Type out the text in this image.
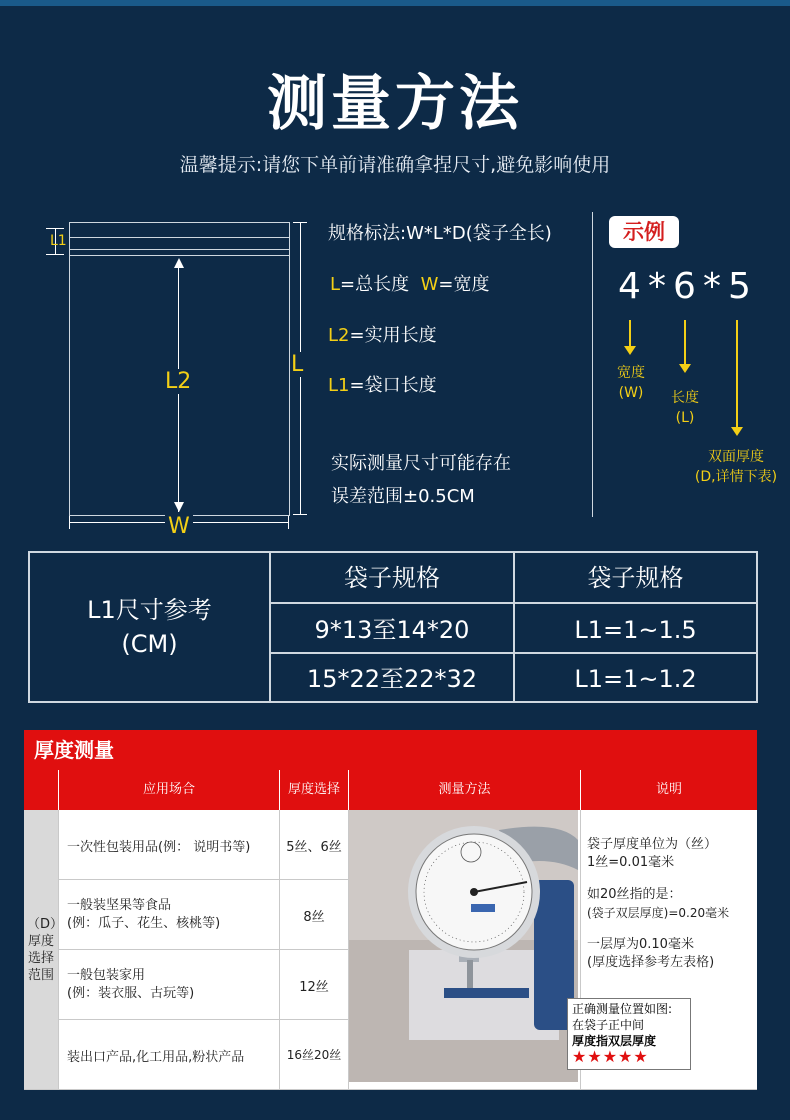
测量方法
温馨提示:请您下单前请准确拿捏尺寸,避免影响使用
L1
L2
L
W
规格标法:W*L*D(袋子全长)
L=总长度  W=宽度
L2=实用长度
L1=袋口长度
实际测量尺寸可能存在
误差范围±0.5CM
示例
4 * 6 * 5
宽度
(W)	长度
(L)
双面厚度
(D,详情下表)
L1尺寸参考
(CM)
袋子规格	袋子规格
9*13至14*20	L1=1~1.5
15*22至22*32	L1=1~1.2
厚度测量
应用场合	厚度选择	测量方法	说明
（D）厚度选择范围
一次性包装用品(例： 说明书等)	5丝、6丝
一般装坚果等食品
(例：瓜子、花生、核桃等)	8丝
一般包装家用
(例：装衣服、古玩等)	12丝
装出口产品,化工用品,粉状产品	16丝20丝
正确测量位置如图:
在袋子正中间
厚度指双层厚度
★★★★★
袋子厚度单位为（丝）
1丝=0.01毫米
如20丝指的是：
(袋子双层厚度)=0.20毫米
一层厚为0.10毫米
(厚度选择参考左表格)
